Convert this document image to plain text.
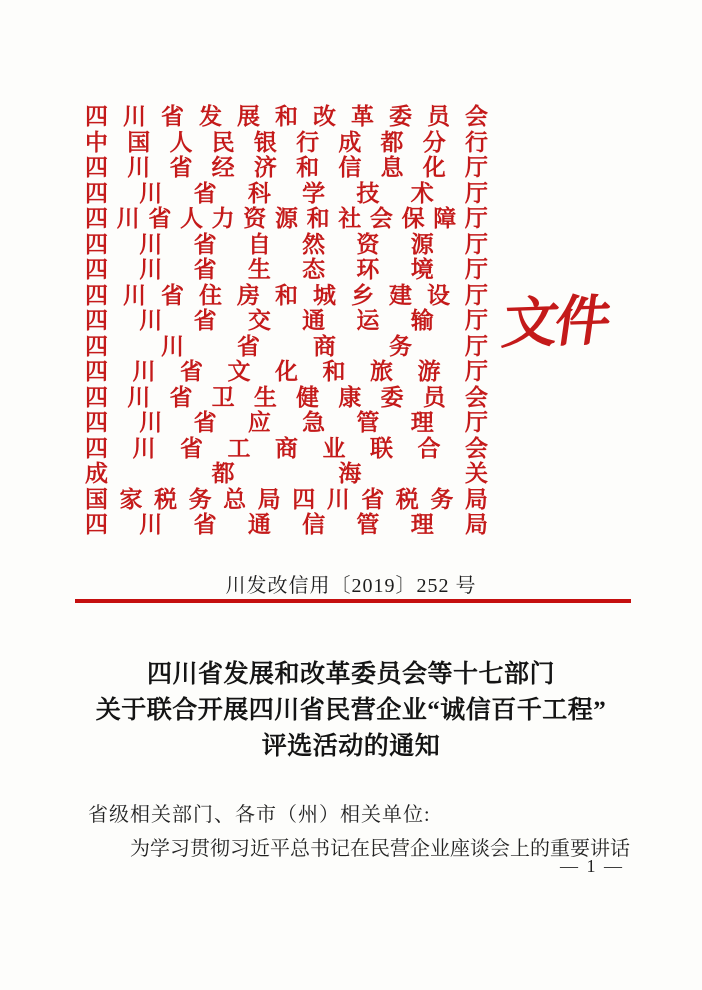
四 川 省 发 展 和 改 革 委 员 会
中 国 人 民 银 行 成 都 分 行
四 川 省 经 济 和 信 息 化 厅
四 川 省 科 学 技 术 厅
四 川 省 人 力 资 源 和 社 会 保 障 厅
四 川 省 自 然 资 源 厅
四 川 省 生 态 环 境 厅
四 川 省 住 房 和 城 乡 建 设 厅
四 川 省 交 通 运 输 厅
四 川 省 商 务 厅
四 川 省 文 化 和 旅 游 厅
四 川 省 卫 生 健 康 委 员 会
四 川 省 应 急 管 理 厅
四 川 省 工 商 业 联 合 会
成	都	海	关
国 家 税 务 总 局 四 川 省 税 务 局
四 川 省 通 信 管 理 局
文件
川发改信用〔2019〕252 号
四川省发展和改革委员会等十七部门
关于联合开展四川省民营企业“诚信百千工程”
评选活动的通知
省级相关部门、各市（州）相关单位:
为学习贯彻习近平总书记在民营企业座谈会上的重要讲话
— 1 —
